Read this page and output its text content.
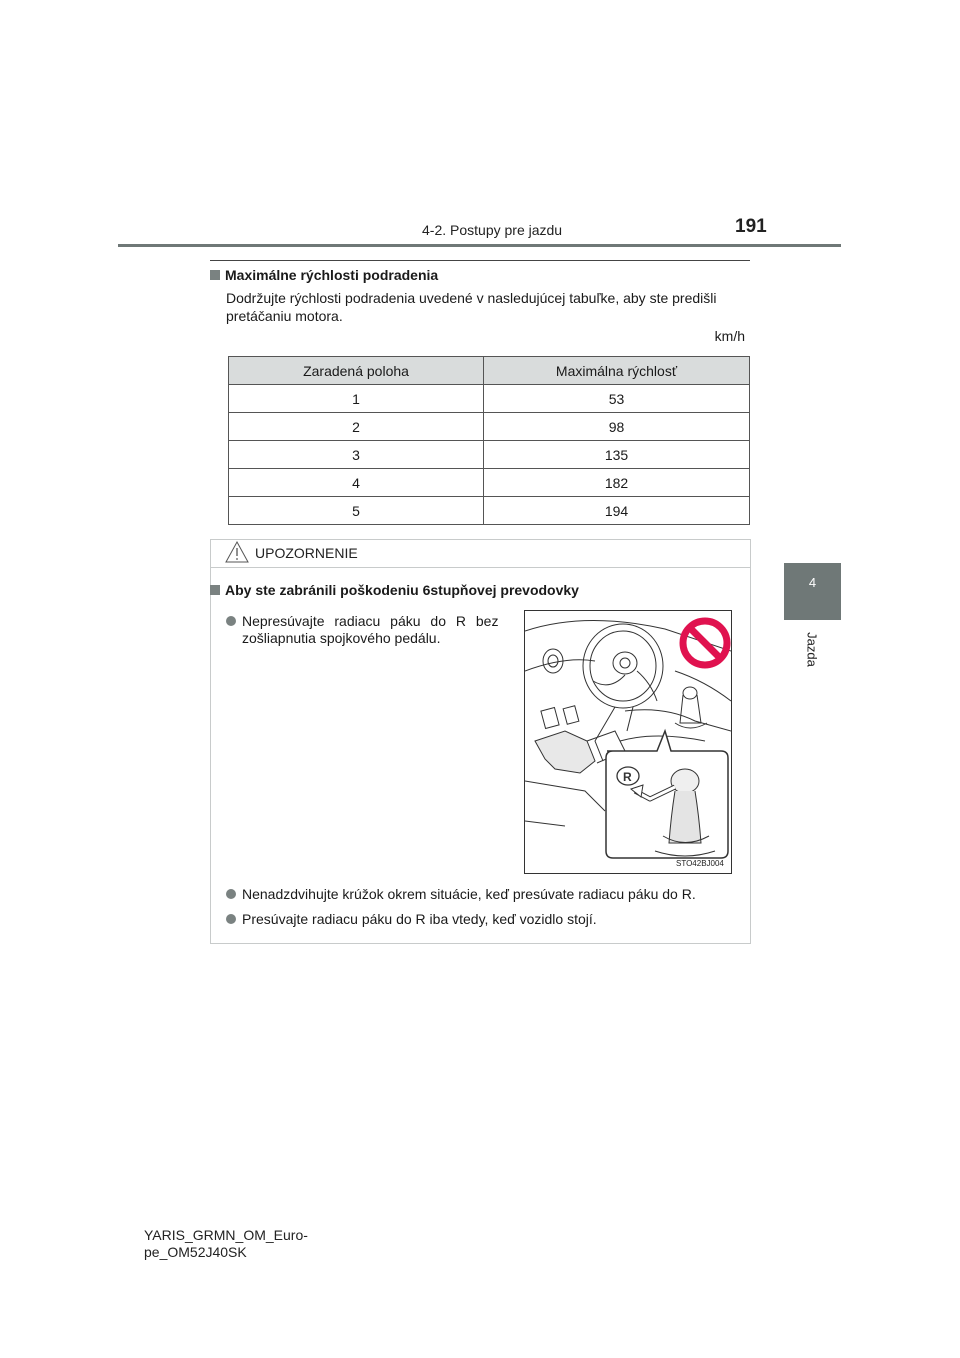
4-2. Postupy pre jazdu	191
4
Jazda
Maximálne rýchlosti podradenia
Dodržujte rýchlosti podradenia uvedené v nasledujúcej tabuľke, aby ste predišli pretáčaniu motora.
km/h
Zaradená poloha	Maximálna rýchlosť
1	53
2	98
3	135
4	182
5	194
UPOZORNENIE
Aby ste zabránili poškodeniu 6stupňovej prevodovky
Nepresúvajte radiacu páku do R bez
zošliapnutia spojkového pedálu.
R
STO42BJ004
Nenadzdvihujte krúžok okrem situácie, keď presúvate radiacu páku do R.
Presúvajte radiacu páku do R iba vtedy, keď vozidlo stojí.
YARIS_GRMN_OM_Euro-
pe_OM52J40SK
